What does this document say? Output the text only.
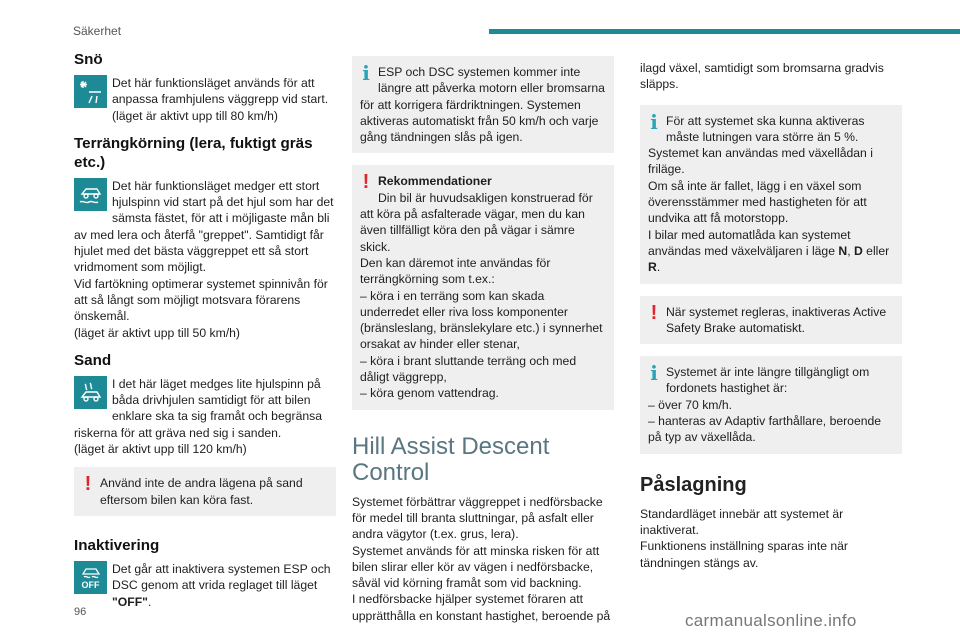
Säkerhet
Snö

Det här funktionsläget används för att anpassa framhjulens väggrepp vid start.

(läget är aktivt upp till 80 km/h)

Terrängkörning (lera, fuktigt gräs etc.)

Det här funktionsläget medger ett stort hjulspinn vid start på det hjul som har det sämsta fästet, för att i möjligaste mån bli av med lera och återfå "greppet". Samtidigt får hjulet med det bästa väggreppet ett så stort vridmoment som möjligt.

Vid fartökning optimerar systemet spinnivån för att så långt som möjligt motsvara förarens önskemål.

(läget är aktivt upp till 50 km/h)

Sand

I det här läget medges lite hjulspinn på båda drivhjulen samtidigt för att bilen enklare ska ta sig framåt och begränsa riskerna för att gräva ned sig i sanden.

(läget är aktivt upp till 120 km/h)

! Använd inte de andra lägena på sand eftersom bilen kan köra fast.

Inaktivering
OFF

Det går att inaktivera systemen ESP och DSC genom att vrida reglaget till läget "OFF".

i ESP och DSC systemen kommer inte längre att påverka motorn eller bromsarna för att korrigera färdriktningen. Systemen aktiveras automatiskt från 50 km/h och varje gång tändningen slås på igen.

! Rekommendationer

Din bil är huvudsakligen konstruerad för att köra på asfalterade vägar, men du kan även tillfälligt köra den på vägar i sämre skick.

Den kan däremot inte användas för terrängkörning som t.ex.:

– köra i en terräng som kan skada underredet eller riva loss komponenter (bränsleslang, bränslekylare etc.) i synnerhet orsakat av hinder eller stenar,

– köra i brant sluttande terräng och med dåligt väggrepp,

– köra genom vattendrag.

Hill Assist Descent Control

Systemet förbättrar väggreppet i nedförsbacke för medel till branta sluttningar, på asfalt eller andra vägytor (t.ex. grus, lera).

Systemet används för att minska risken för att bilen slirar eller kör av vägen i nedförsbacke, såväl vid körning framåt som vid backning.

I nedförsbacke hjälper systemet föraren att upprätthålla en konstant hastighet, beroende på

ilagd växel, samtidigt som bromsarna gradvis släpps.

i För att systemet ska kunna aktiveras måste lutningen vara större än 5 %.

Systemet kan användas med växellådan i friläge.

Om så inte är fallet, lägg i en växel som överensstämmer med hastigheten för att undvika att få motorstopp.

I bilar med automatlåda kan systemet användas med växelväljaren i läge N, D eller R.

! När systemet regleras, inaktiveras Active Safety Brake automatiskt.

i Systemet är inte längre tillgängligt om fordonets hastighet är:

– över 70 km/h.

– hanteras av Adaptiv farthållare, beroende på typ av växellåda.

Påslagning

Standardläget innebär att systemet är inaktiverat.

Funktionens inställning sparas inte när tändningen stängs av.

96	carmanualsonline.info
